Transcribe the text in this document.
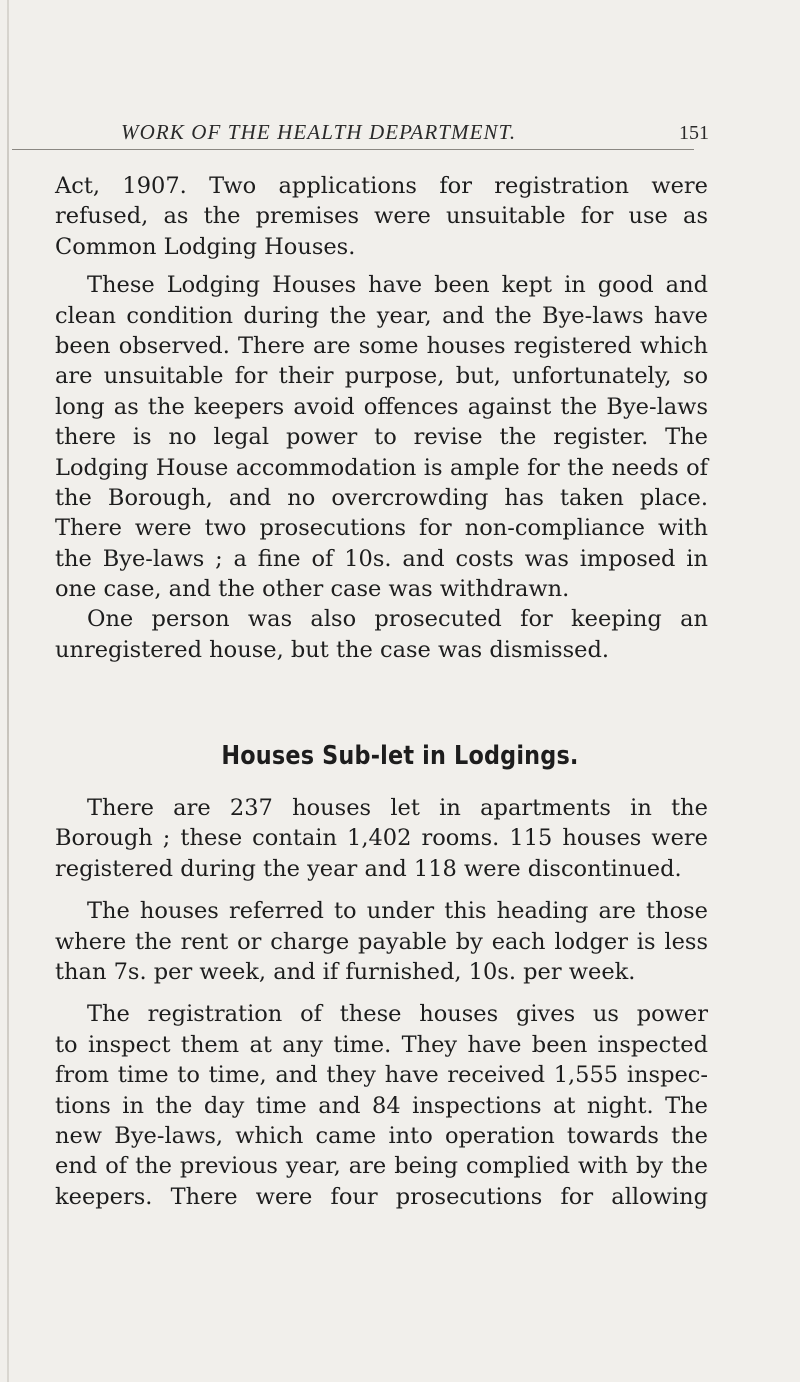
WORK OF THE HEALTH DEPARTMENT.	151
Act, 1907. Two applications for registration were
refused, as the premises were unsuitable for use as
Common Lodging Houses.
These Lodging Houses have been kept in good and
clean condition during the year, and the Bye-laws have
been observed. There are some houses registered which
are unsuitable for their purpose, but, unfortunately, so
long as the keepers avoid offences against the Bye-laws
there is no legal power to revise the register. The
Lodging House accommodation is ample for the needs of
the Borough, and no overcrowding has taken place.
There were two prosecutions for non-compliance with
the Bye-laws ; a fine of 10s. and costs was imposed in
one case, and the other case was withdrawn.
One person was also prosecuted for keeping an
unregistered house, but the case was dismissed.
Houses Sub-let in Lodgings.
There are 237 houses let in apartments in the
Borough ; these contain 1,402 rooms. 115 houses were
registered during the year and 118 were discontinued.
The houses referred to under this heading are those
where the rent or charge payable by each lodger is less
than 7s. per week, and if furnished, 10s. per week.
The registration of these houses gives us power
to inspect them at any time. They have been inspected
from time to time, and they have received 1,555 inspec-
tions in the day time and 84 inspections at night. The
new Bye-laws, which came into operation towards the
end of the previous year, are being complied with by the
keepers. There were four prosecutions for allowing
